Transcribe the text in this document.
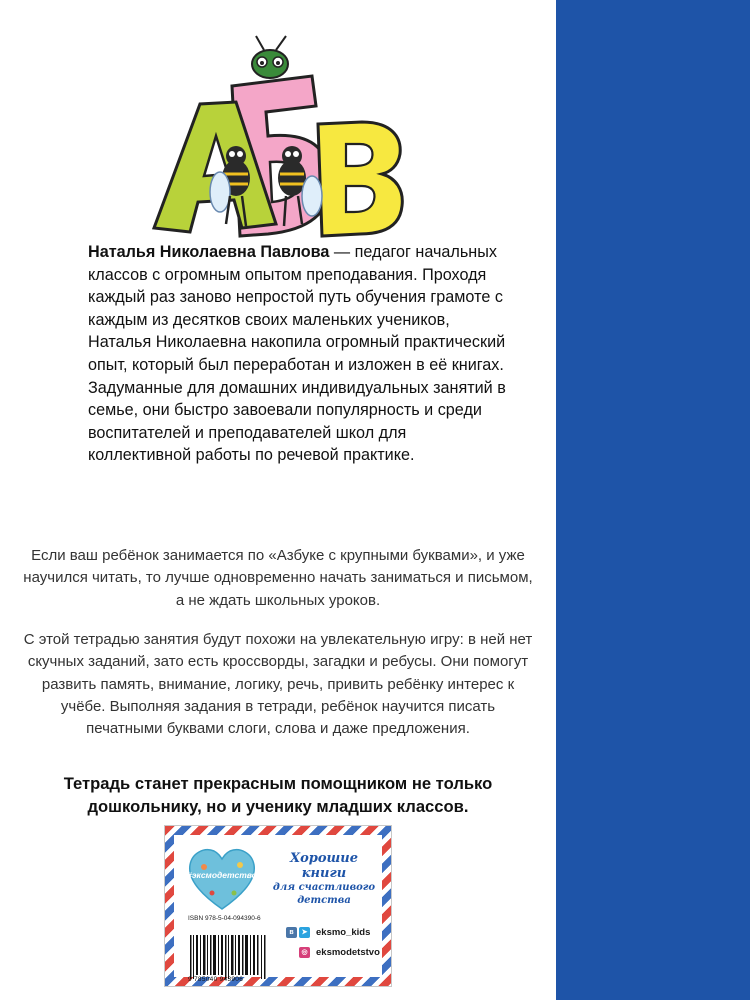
Наталья Николаевна Павлова — педагог начальных классов с огромным опытом преподавания. Проходя каждый раз заново непростой путь обучения грамоте с каждым из десятков своих маленьких учеников, Наталья Николаевна накопила огромный практический опыт, который был переработан и изложен в её книгах. Задуманные для домашних индивидуальных занятий в семье, они быстро завоевали популярность и среди воспитателей и преподавателей школ для коллективной работы по речевой практике.
Если ваш ребёнок занимается по «Азбуке с крупными буквами», и уже научился читать, то лучше одновременно начать заниматься и письмом, а не ждать школьных уроков.
С этой тетрадью занятия будут похожи на увлекательную игру: в ней нет скучных заданий, зато есть кроссворды, загадки и ребусы. Они помогут развить память, внимание, логику, речь, привить ребёнку интерес к учёбе. Выполняя задания в тетради, ребёнок научится писать печатными буквами слоги, слова и даже предложения.
Тетрадь станет прекрасным помощником не только дошкольнику, но и ученику младших классов.
#эксмодетство
Хорошие
книги
для счастливого
детства
ISBN 978-5-04-094390-6
9 785040 943906
в	➤ eksmo_kids
◎ eksmodetstvo
